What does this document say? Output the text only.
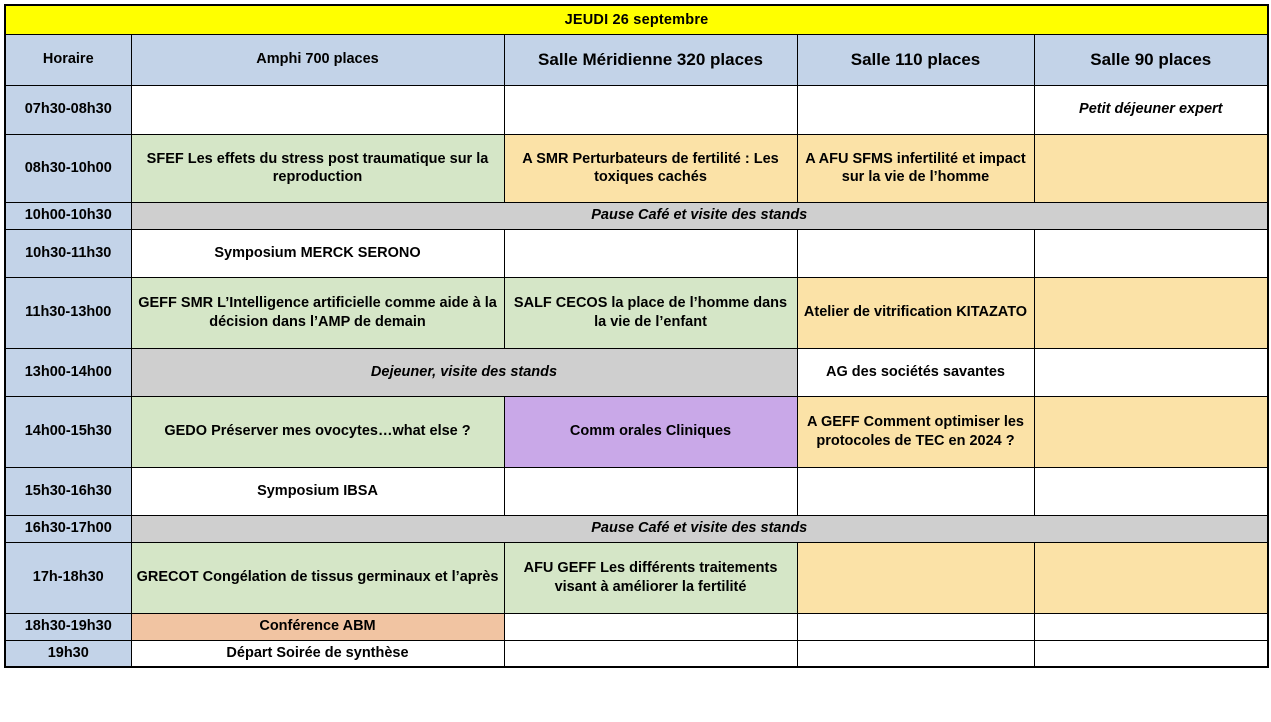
JEUDI 26 septembre				
Horaire	Amphi 700 places	Salle Méridienne 320 places	Salle 110 places	Salle 90 places
07h30-08h30				Petit déjeuner expert
08h30-10h00	SFEF Les effets du stress post traumatique sur la reproduction	A SMR Perturbateurs de fertilité : Les toxiques cachés	A AFU SFMS infertilité et impact sur la vie de l’homme	
10h00-10h30	Pause Café et visite des stands			
10h30-11h30	Symposium MERCK SERONO			
11h30-13h00	GEFF SMR L’Intelligence artificielle comme aide à la décision dans l’AMP de demain	SALF CECOS la place de l’homme dans la vie de l’enfant	Atelier de vitrification KITAZATO	
13h00-14h00	Dejeuner, visite des stands		AG des sociétés savantes	
14h00-15h30	GEDO Préserver mes ovocytes…what else ?	Comm orales Cliniques	A GEFF Comment optimiser les protocoles de TEC en 2024 ?	
15h30-16h30	Symposium IBSA			
16h30-17h00	Pause Café et visite des stands			
17h-18h30	GRECOT Congélation de tissus germinaux et l’après	AFU GEFF Les différents traitements visant à améliorer la fertilité		
18h30-19h30	Conférence ABM			
19h30	Départ Soirée de synthèse			
